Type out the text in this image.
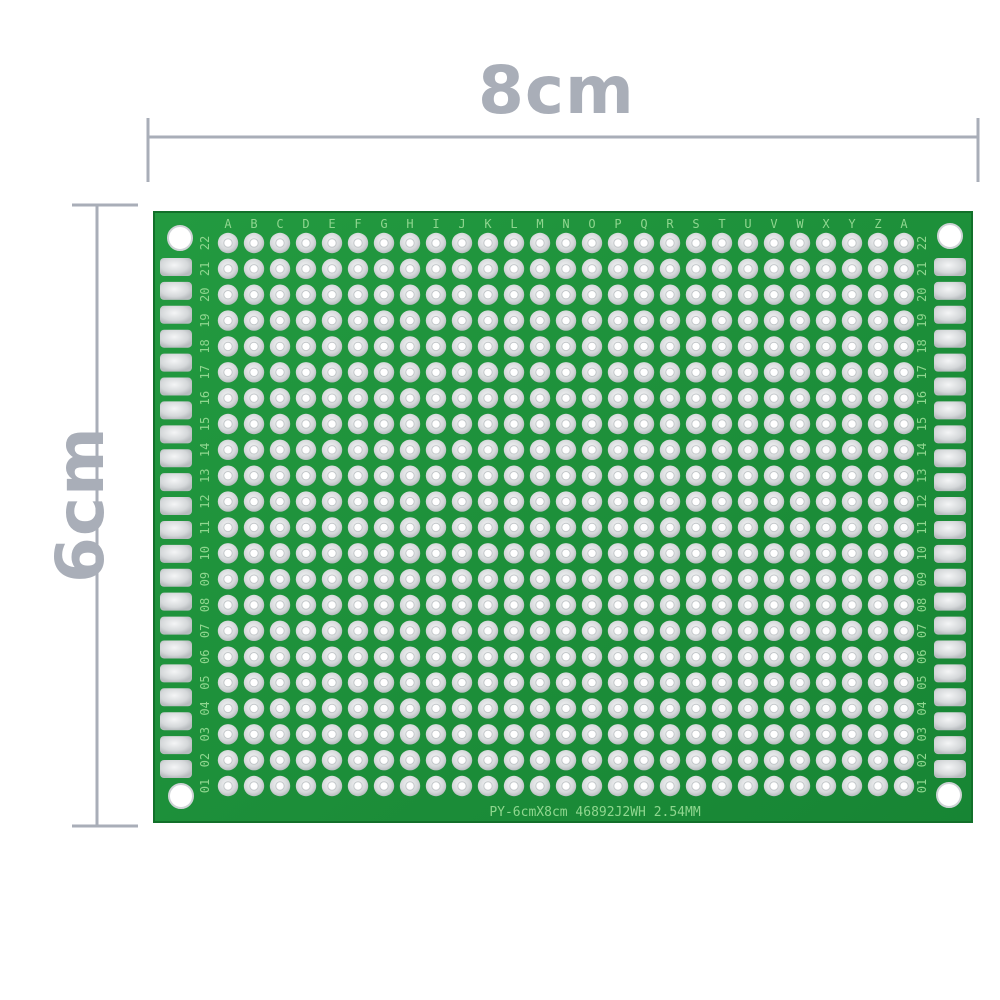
A B C D E F G H I J K L M N O P Q R S T U V W X Y Z A
22
21
20
19
18
17
16
15
14
13
12
11
10
09
08
07
06
05
04
03
02
01
22
21
20
19
18
17
16
15
14
13
12
11
10
09
08
07
06
05
04
03
02
01
PY-6cmX8cm 46892J2WH 2.54MM
8cm
6cm
